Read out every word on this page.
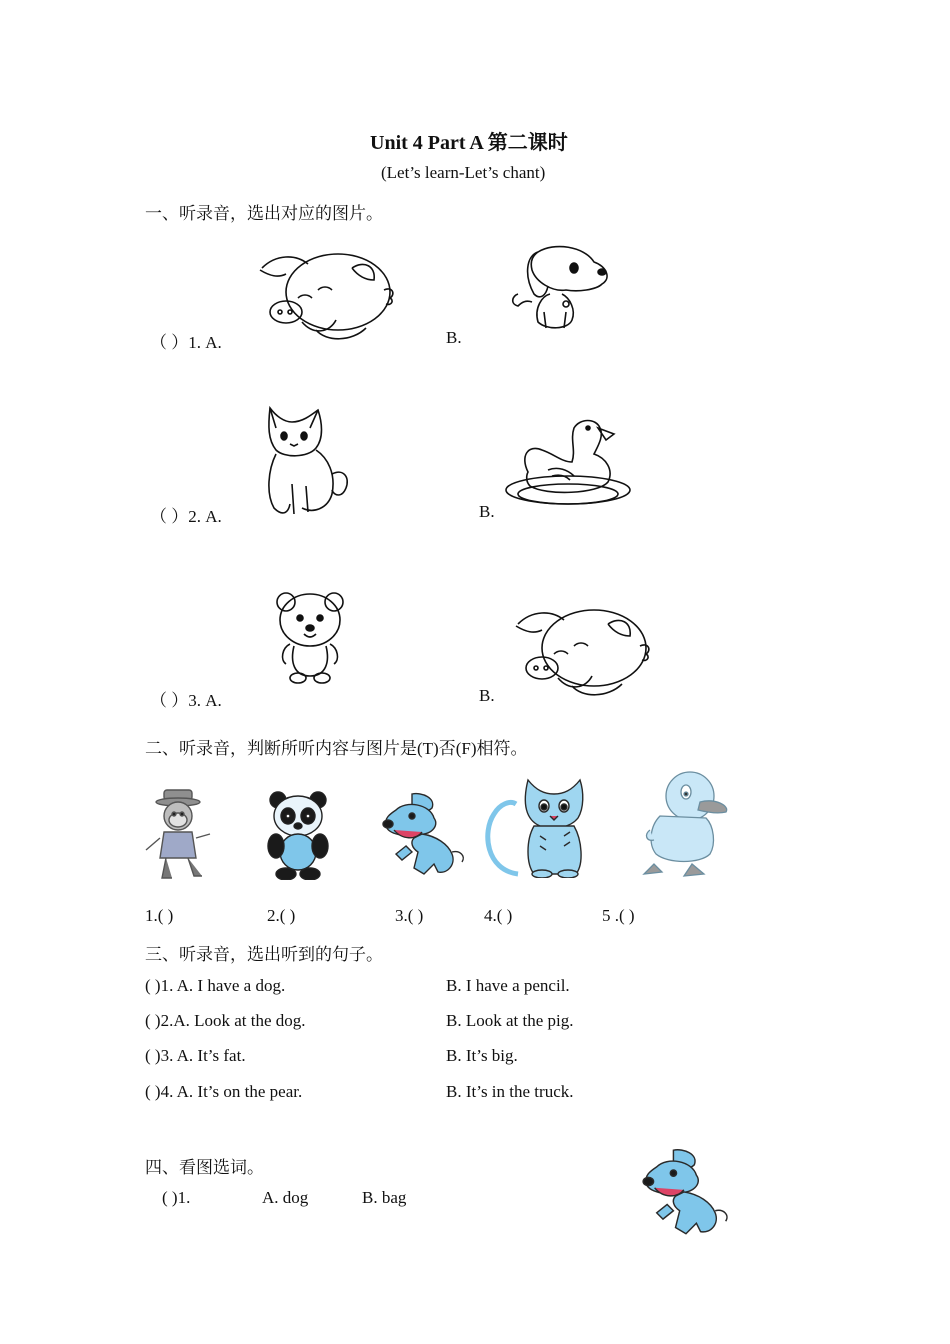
Unit 4 Part A 第二课时
(Let’s learn-Let’s chant)
一、听录音，选出对应的图片。
（ ）1. A.	B.
（ ）2. A.	B.
（ ）3. A.	B.
二、听录音，判断所听内容与图片是(T)否(F)相符。
1.( )	2.( )	3.( )	4.( )	5 .( )
三、听录音，选出听到的句子。
( )1. A. I have a dog.	B. I have a pencil.
( )2.A. Look at the dog.	B. Look at the pig.
( )3. A. It’s fat.	B. It’s big.
( )4. A. It’s on the pear.	B. It’s in the truck.
四、看图选词。
( )1.	A. dog	B. bag
